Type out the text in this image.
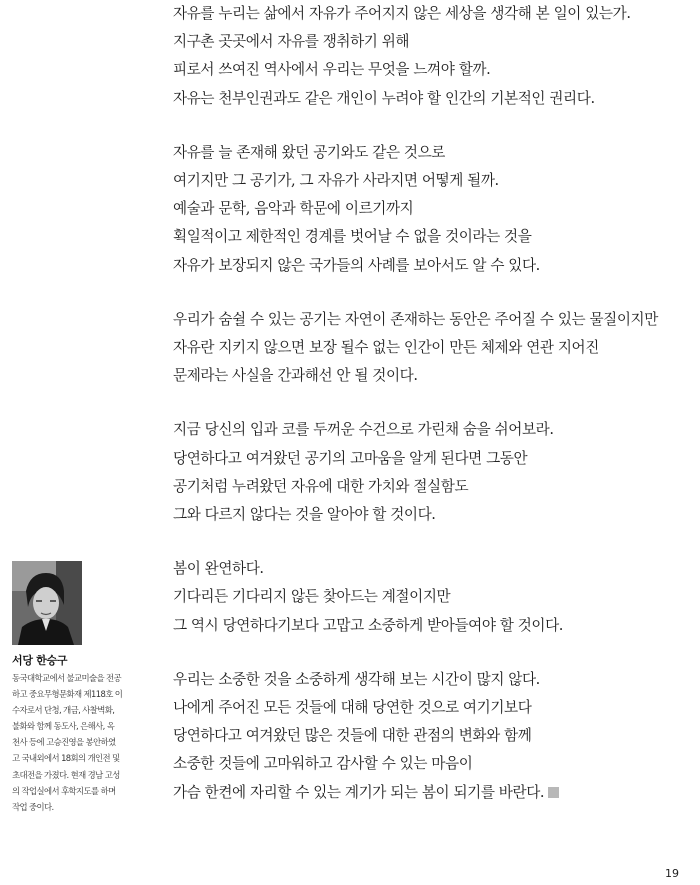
자유를 누리는 삶에서 자유가 주어지지 않은 세상을 생각해 본 일이 있는가.
지구촌 곳곳에서 자유를 쟁취하기 위해
피로서 쓰여진 역사에서 우리는 무엇을 느껴야 할까.
자유는 천부인권과도 같은 개인이 누려야 할 인간의 기본적인 권리다.
자유를 늘 존재해 왔던 공기와도 같은 것으로
여기지만 그 공기가, 그 자유가 사라지면 어떻게 될까.
예술과 문학, 음악과 학문에 이르기까지
획일적이고 제한적인 경계를 벗어날 수 없을 것이라는 것을
자유가 보장되지 않은 국가들의 사례를 보아서도 알 수 있다.
우리가 숨쉴 수 있는 공기는 자연이 존재하는 동안은 주어질 수 있는 물질이지만
자유란 지키지 않으면 보장 될수 없는 인간이 만든 체제와 연관 지어진
문제라는 사실을 간과해선 안 될 것이다.
지금 당신의 입과 코를 두꺼운 수건으로 가린채 숨을 쉬어보라.
당연하다고 여겨왔던 공기의 고마움을 알게 된다면 그동안
공기처럼 누려왔던 자유에 대한 가치와 절실함도
그와 다르지 않다는 것을 알아야 할 것이다.
봄이 완연하다.
기다리든 기다리지 않든 찾아드는 계절이지만
그 역시 당연하다기보다 고맙고 소중하게 받아들여야 할 것이다.
우리는 소중한 것을 소중하게 생각해 보는 시간이 많지 않다.
나에게 주어진 모든 것들에 대해 당연한 것으로 여기기보다
당연하다고 여겨왔던 많은 것들에 대한 관점의 변화와 함께
소중한 것들에 고마워하고 감사할 수 있는 마음이
가슴 한켠에 자리할 수 있는 계기가 되는 봄이 되기를 바란다.
서당 한승구
동국대학교에서 불교미술을 전공
하고 중요무형문화재 제118호 이
수자로서 단청, 개금, 사찰벽화,
불화와 함께 동도사, 은해사, 옥
천사 등에 고승진영을 봉안하였
고 국내외에서 18회의 개인전 및
초대전을 가졌다. 현재 경남 고성
의 작업실에서 후학지도를 하며
작업 중이다.
19
